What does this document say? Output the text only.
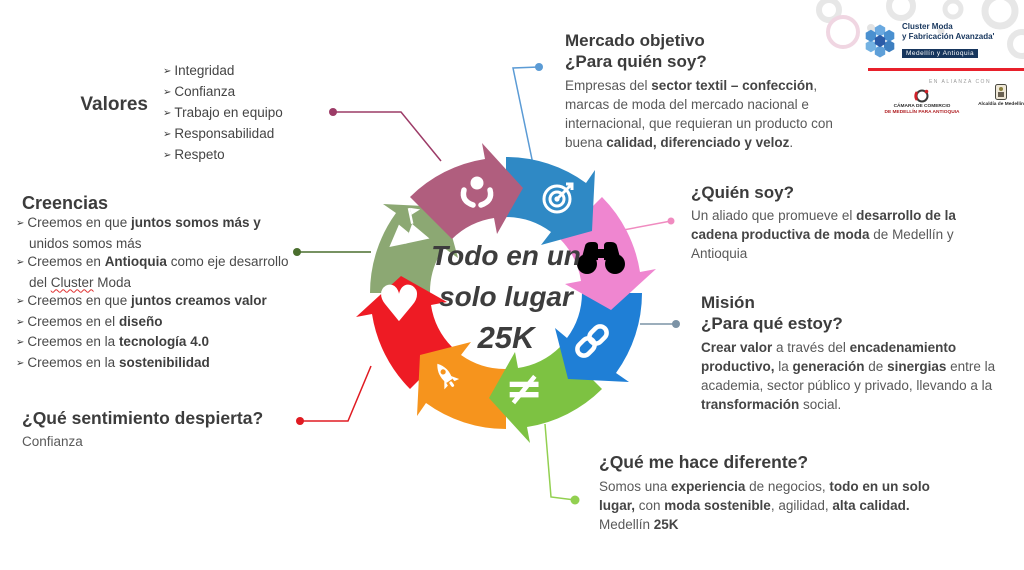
≠
♥
Todo en un
solo lugar
25K
Valores
➢ Integridad
➢ Confianza
➢ Trabajo en equipo
➢ Responsabilidad
➢ Respeto
Creencias
➢ Creemos en que juntos somos más y unidos somos más
➢ Creemos en Antioquia como eje desarrollo del Cluster Moda
➢ Creemos en que juntos creamos valor
➢ Creemos en el diseño
➢ Creemos en la tecnología 4.0
➢ Creemos en la sostenibilidad
¿Qué sentimiento despierta?
Confianza
Mercado objetivo
¿Para quién soy?
Empresas del sector textil – confección, marcas de moda del mercado nacional e internacional, que requieran un producto con buena calidad, diferenciado y veloz.
¿Quién soy?
Un aliado que promueve el desarrollo de la cadena productiva de moda de Medellín y Antioquia
Misión
¿Para qué estoy?
Crear valor a través del encadenamiento productivo, la generación de sinergias entre la academia, sector público y privado, llevando a la transformación social.
¿Qué me hace diferente?
Somos una experiencia de negocios, todo en un solo lugar, con moda sostenible, agilidad, alta calidad.
Medellín 25K
Cluster Moda
y Fabricación Avanzada'
Medellín y Antioquia
EN ALIANZA CON
CÁMARA DE COMERCIO
DE MEDELLÍN PARA ANTIOQUIA
Alcaldía de Medellín
